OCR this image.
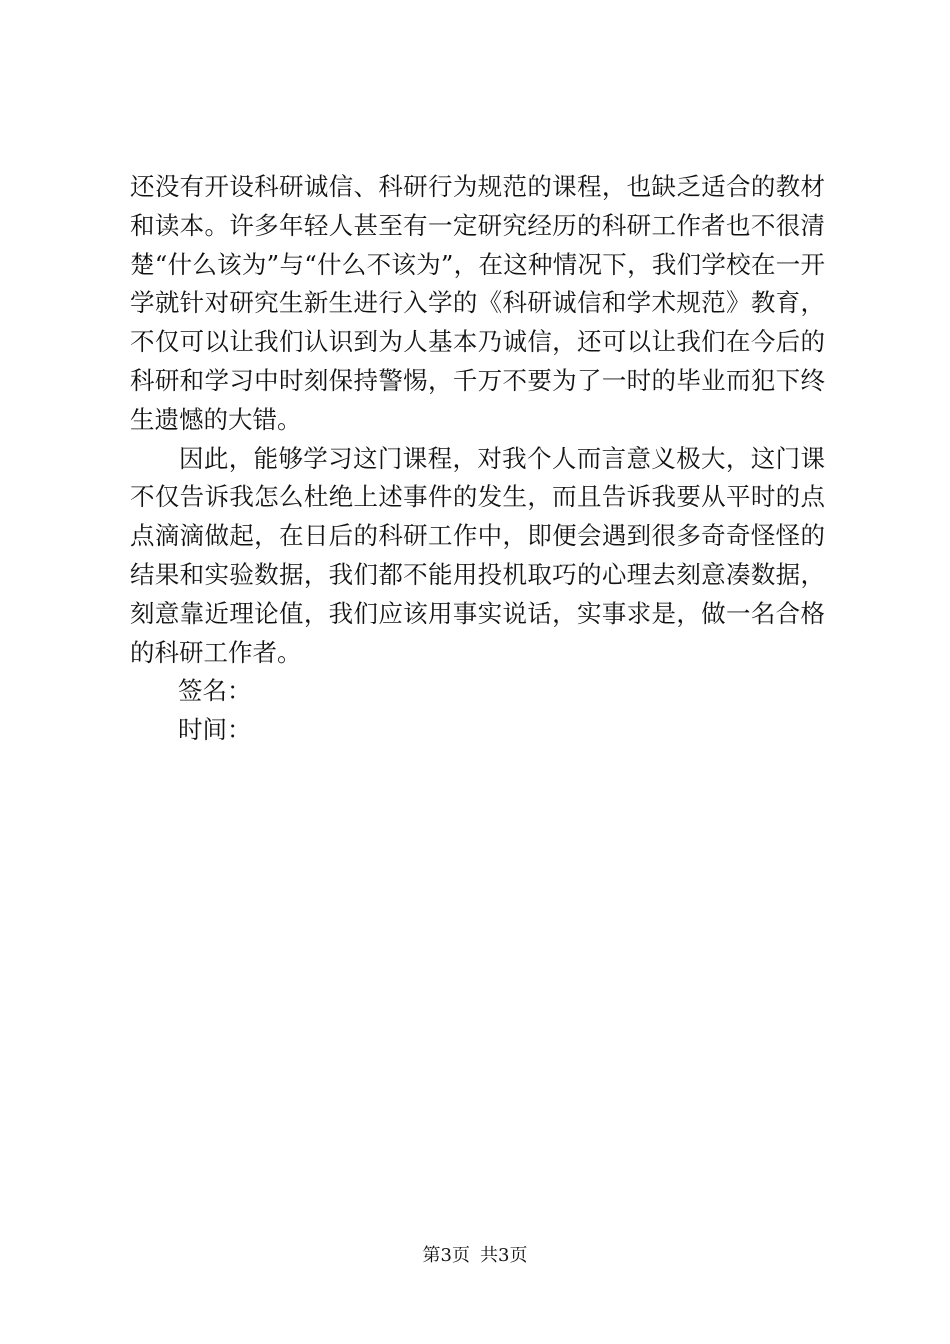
还没有开设科研诚信、科研行为规范的课程，也缺乏适合的教材和读本。许多年轻人甚至有一定研究经历的科研工作者也不很清楚“什么该为”与“什么不该为”，在这种情况下，我们学校在一开学就针对研究生新生进行入学的《科研诚信和学术规范》教育，不仅可以让我们认识到为人基本乃诚信，还可以让我们在今后的科研和学习中时刻保持警惕，千万不要为了一时的毕业而犯下终生遗憾的大错。

因此，能够学习这门课程，对我个人而言意义极大，这门课不仅告诉我怎么杜绝上述事件的发生，而且告诉我要从平时的点点滴滴做起，在日后的科研工作中，即便会遇到很多奇奇怪怪的结果和实验数据，我们都不能用投机取巧的心理去刻意凑数据，刻意靠近理论值，我们应该用事实说话，实事求是，做一名合格的科研工作者。

签名：

时间：

第3页 共3页
